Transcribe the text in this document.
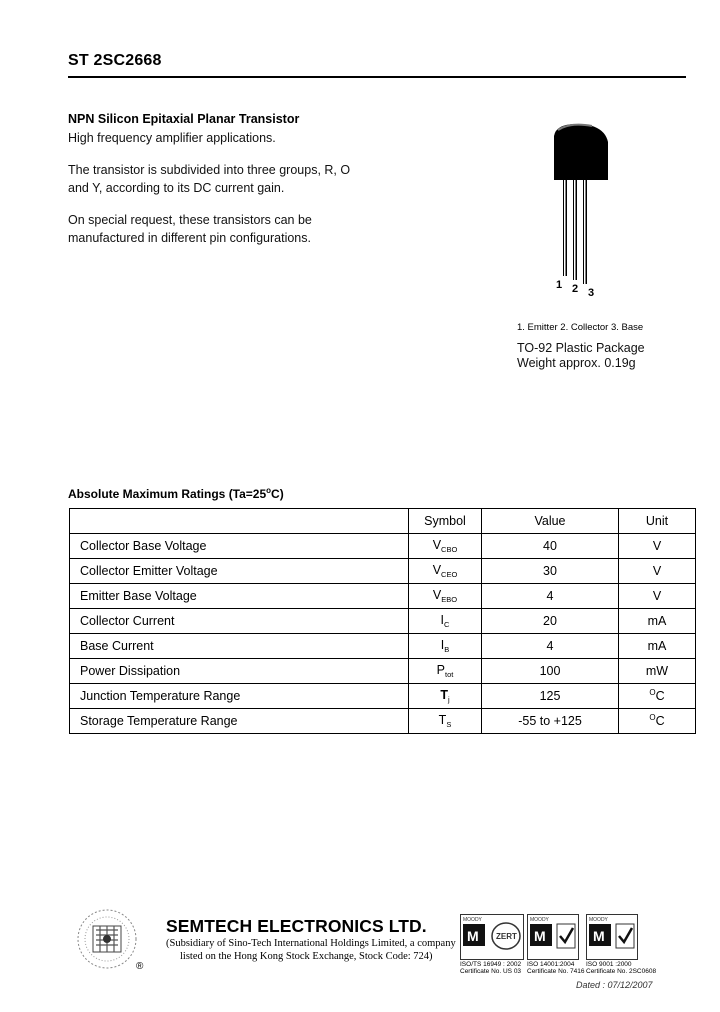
ST 2SC2668
NPN Silicon Epitaxial Planar Transistor
High frequency amplifier applications.
The transistor is subdivided into three groups, R, O
and Y, according to its DC current gain.
On special request, these transistors can be
manufactured in different pin configurations.
1 2 3
1. Emitter 2. Collector 3. Base
TO-92 Plastic Package
Weight approx. 0.19g
Absolute Maximum Ratings $(Ta=25^oC)$
	Symbol	Value	Unit
Collector Base Voltage	$V_{CBO}$	40	V
Collector Emitter Voltage	$V_{CEO}$	30	V
Emitter Base Voltage	$V_{EBO}$	4	V
Collector Current	$I_C$	20	mA
Base Current	$I_B$	4	mA
Power Dissipation	$P_{tot}$	100	mW
Junction Temperature Range	$T_j$	125	$^O$C
Storage Temperature Range	$T_S$	-55 to +125	$^O$C
®
SEMTECH ELECTRONICS LTD.
(Subsidiary of Sino-Tech International Holdings Limited, a company
listed on the Hong Kong Stock Exchange, Stock Code: 724)
MOODY
M ZERT
ISO/TS 16949 : 2002
Certificate No. US 03
MOODY
M
ISO 14001:2004
Certificate No. 7416
MOODY
M
ISO 9001 :2000
Certificate No. 2SC0608
Dated : 07/12/2007
